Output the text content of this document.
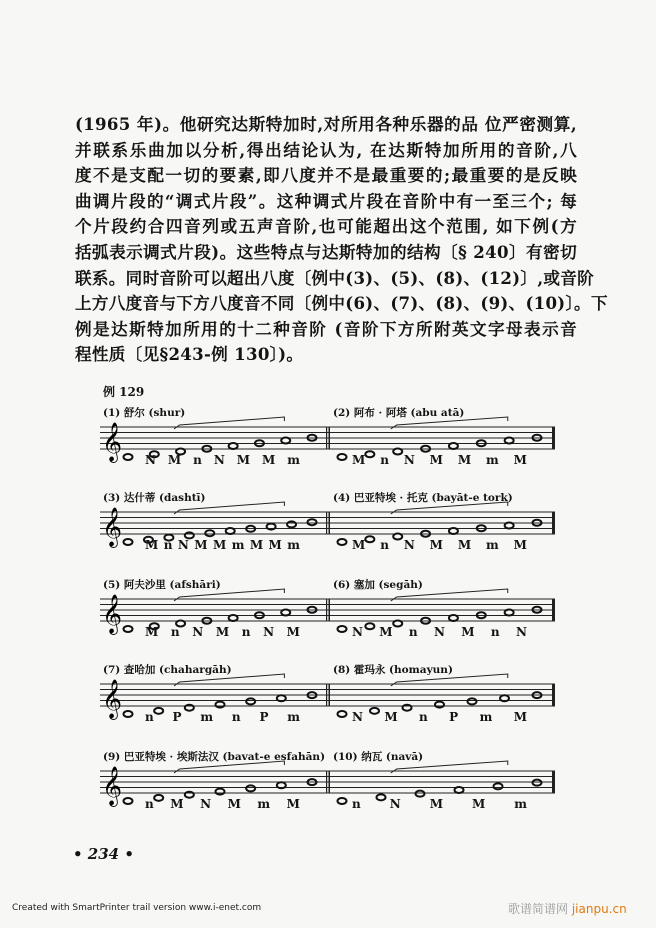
(1965 年)。他研究达斯特加时,对所用各种乐器的品 位严密测算,
并联系乐曲加以分析,得出结论认为, 在达斯特加所用的音阶,八
度不是支配一切的要素,即八度并不是最重要的;最重要的是反映
曲调片段的“调式片段”。这种调式片段在音阶中有一至三个; 每
个片段约合四音列或五声音阶,也可能超出这个范围, 如下例(方
括弧表示调式片段)。这些特点与达斯特加的结构〔§ 240〕有密切
联系。同时音阶可以超出八度〔例中(3)、(5)、(8)、(12)〕,或音阶
上方八度音与下方八度音不同〔例中(6)、(7)、(8)、(9)、(10)〕。下
例是达斯特加所用的十二种音阶 (音阶下方所附英文字母表示音
程性质〔见§243-例 130〕)。
例 129
(1) 舒尔 (shur)
𝄞 N M n N M M m
(2) 阿布 · 阿塔 (abu atā)
M n N M M m M
(3) 达什蒂 (dashtī)
𝄞 M n N M M m M M m
(4) 巴亚特埃 · 托克 (bayāt-e tork)
M n N M M m M
(5) 阿夫沙里 (afshāri)
𝄞 M n N M n N M
(6) 塞加 (segāh)
N M n N M n N
(7) 查哈加 (chahargāh)
𝄞 n P m n P m
(8) 霍玛永 (homayun)
N M n P m M
(9) 巴亚特埃 · 埃斯法汉 (bavat-e esfahān)
𝄞 n M N M m M
(10) 纳瓦 (navā)
n N M M m
• 234 •
Created with SmartPrinter trail version www.i-enet.com	歌谱简谱网 jianpu.cn
